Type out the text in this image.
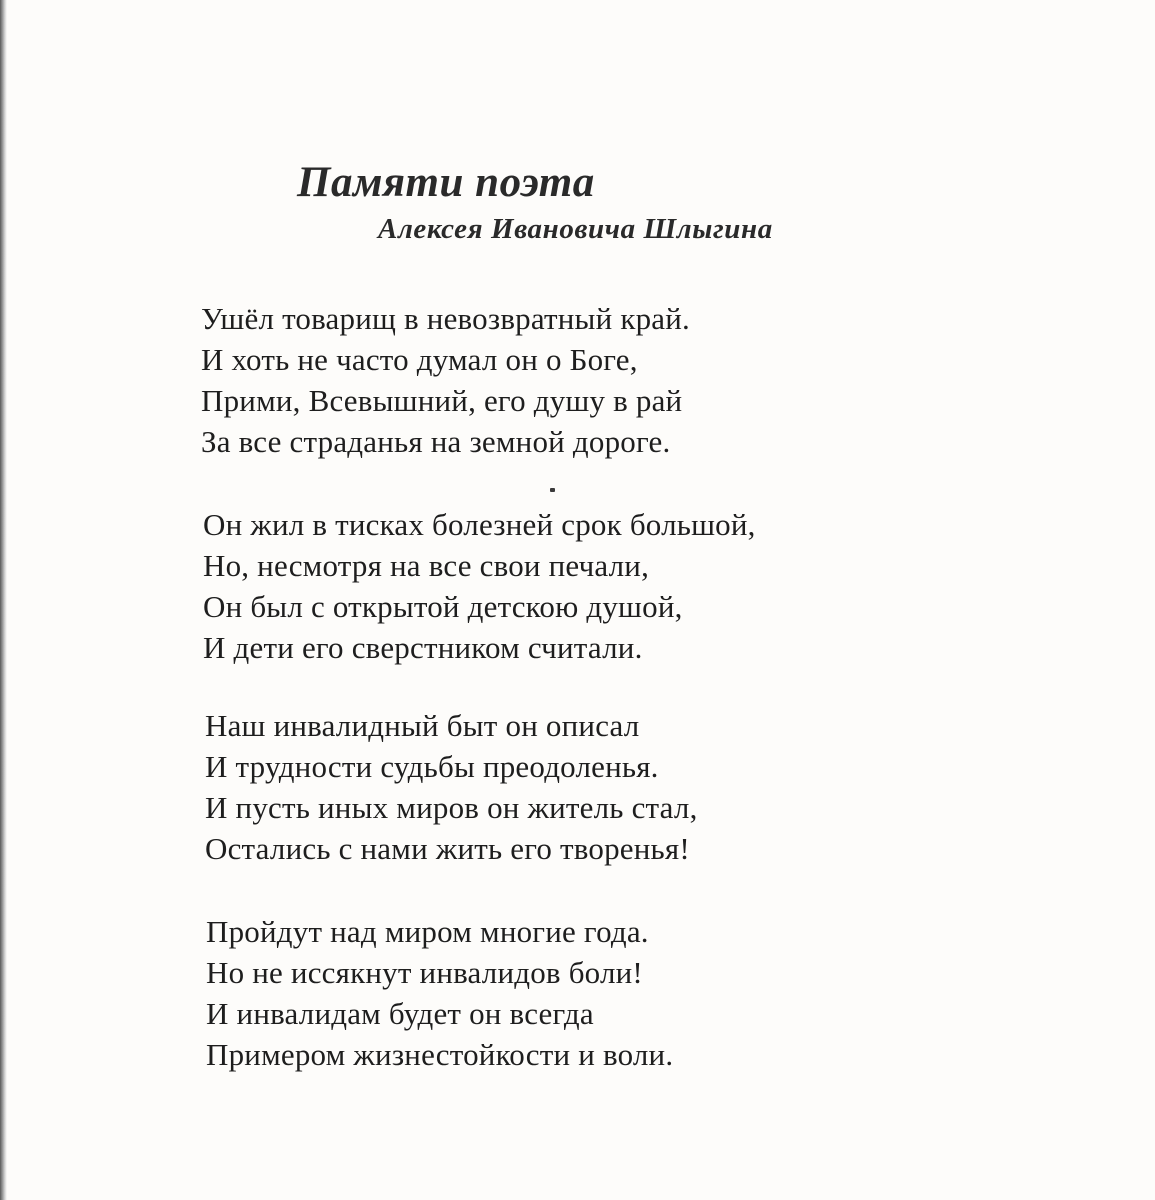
Памяти поэта
Алексея Ивановича Шлыгина
Ушёл товарищ в невозвратный край.
И хоть не часто думал он о Боге,
Прими, Всевышний, его душу в рай
За все страданья на земной дороге.
Он жил в тисках болезней срок большой,
Но, несмотря на все свои печали,
Он был с открытой детскою душой,
И дети его сверстником считали.
Наш инвалидный быт он описал
И трудности судьбы преодоленья.
И пусть иных миров он житель стал,
Остались с нами жить его творенья!
Пройдут над миром многие года.
Но не иссякнут инвалидов боли!
И инвалидам будет он всегда
Примером жизнестойкости и воли.
